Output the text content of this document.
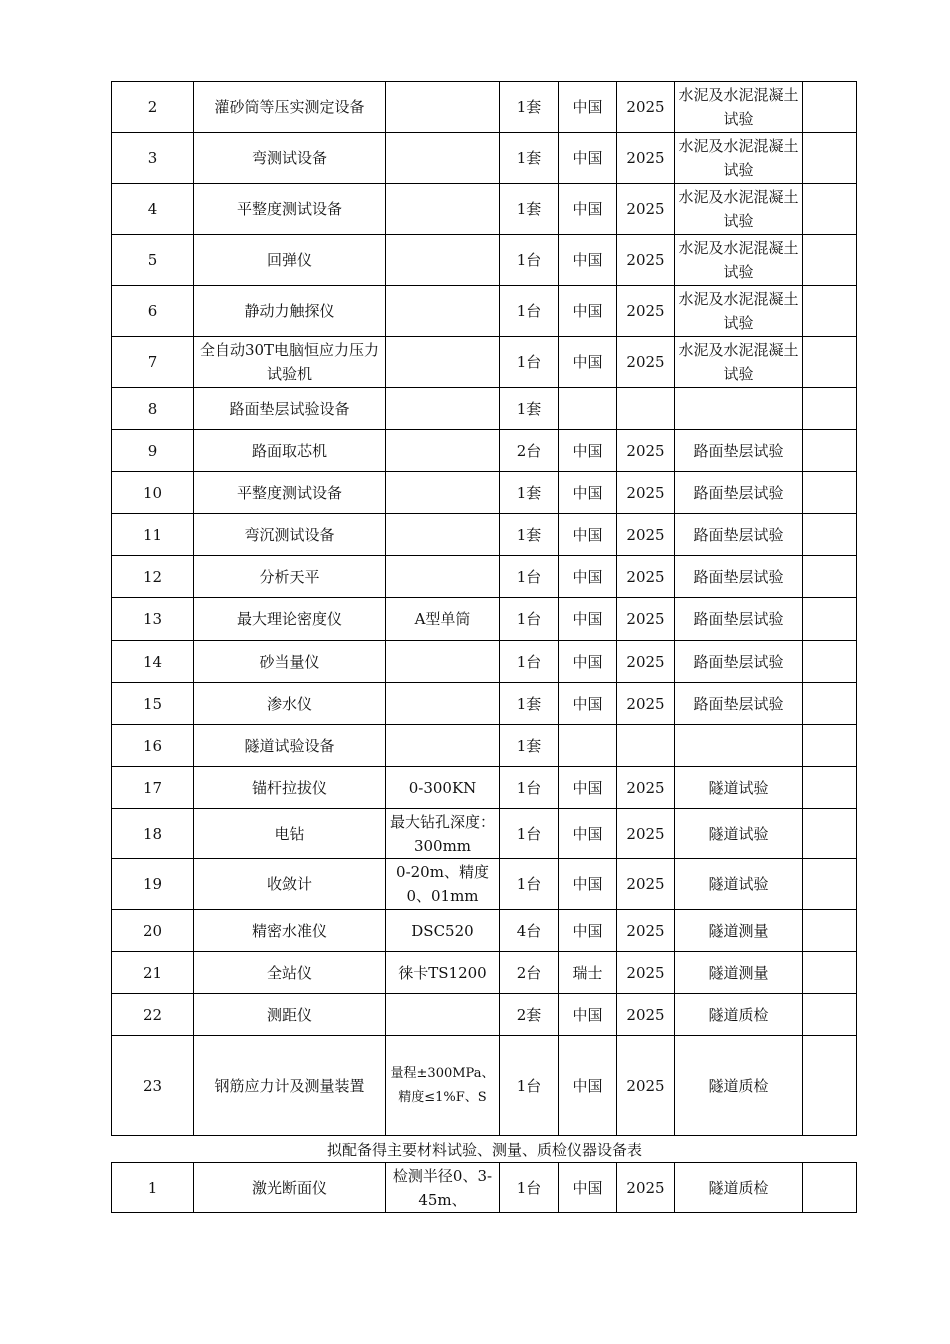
2	灌砂筒等压实测定设备		1套	中国	2025	水泥及水泥混凝土试验	
3	弯测试设备		1套	中国	2025	水泥及水泥混凝土试验	
4	平整度测试设备		1套	中国	2025	水泥及水泥混凝土试验	
5	回弹仪		1台	中国	2025	水泥及水泥混凝土试验	
6	静动力触探仪		1台	中国	2025	水泥及水泥混凝土试验	
7	全自动30T电脑恒应力压力试验机		1台	中国	2025	水泥及水泥混凝土试验	
8	路面垫层试验设备		1套				
9	路面取芯机		2台	中国	2025	路面垫层试验	
10	平整度测试设备		1套	中国	2025	路面垫层试验	
11	弯沉测试设备		1套	中国	2025	路面垫层试验	
12	分析天平		1台	中国	2025	路面垫层试验	
13	最大理论密度仪	A型单筒	1台	中国	2025	路面垫层试验	
14	砂当量仪		1台	中国	2025	路面垫层试验	
15	渗水仪		1套	中国	2025	路面垫层试验	
16	隧道试验设备		1套				
17	锚杆拉拔仪	0-300KN	1台	中国	2025	隧道试验	
18	电钻	最大钻孔深度：300mm	1台	中国	2025	隧道试验	
19	收敛计	0-20m、精度0、01mm	1台	中国	2025	隧道试验	
20	精密水准仪	DSC520	4台	中国	2025	隧道测量	
21	全站仪	徕卡TS1200	2台	瑞士	2025	隧道测量	
22	测距仪		2套	中国	2025	隧道质检	
23	钢筋应力计及测量装置	量程±300MPa、精度≤1%F、S	1台	中国	2025	隧道质检	
拟配备得主要材料试验、测量、质检仪器设备表
1	激光断面仪	检测半径0、3-45m、	1台	中国	2025	隧道质检	
